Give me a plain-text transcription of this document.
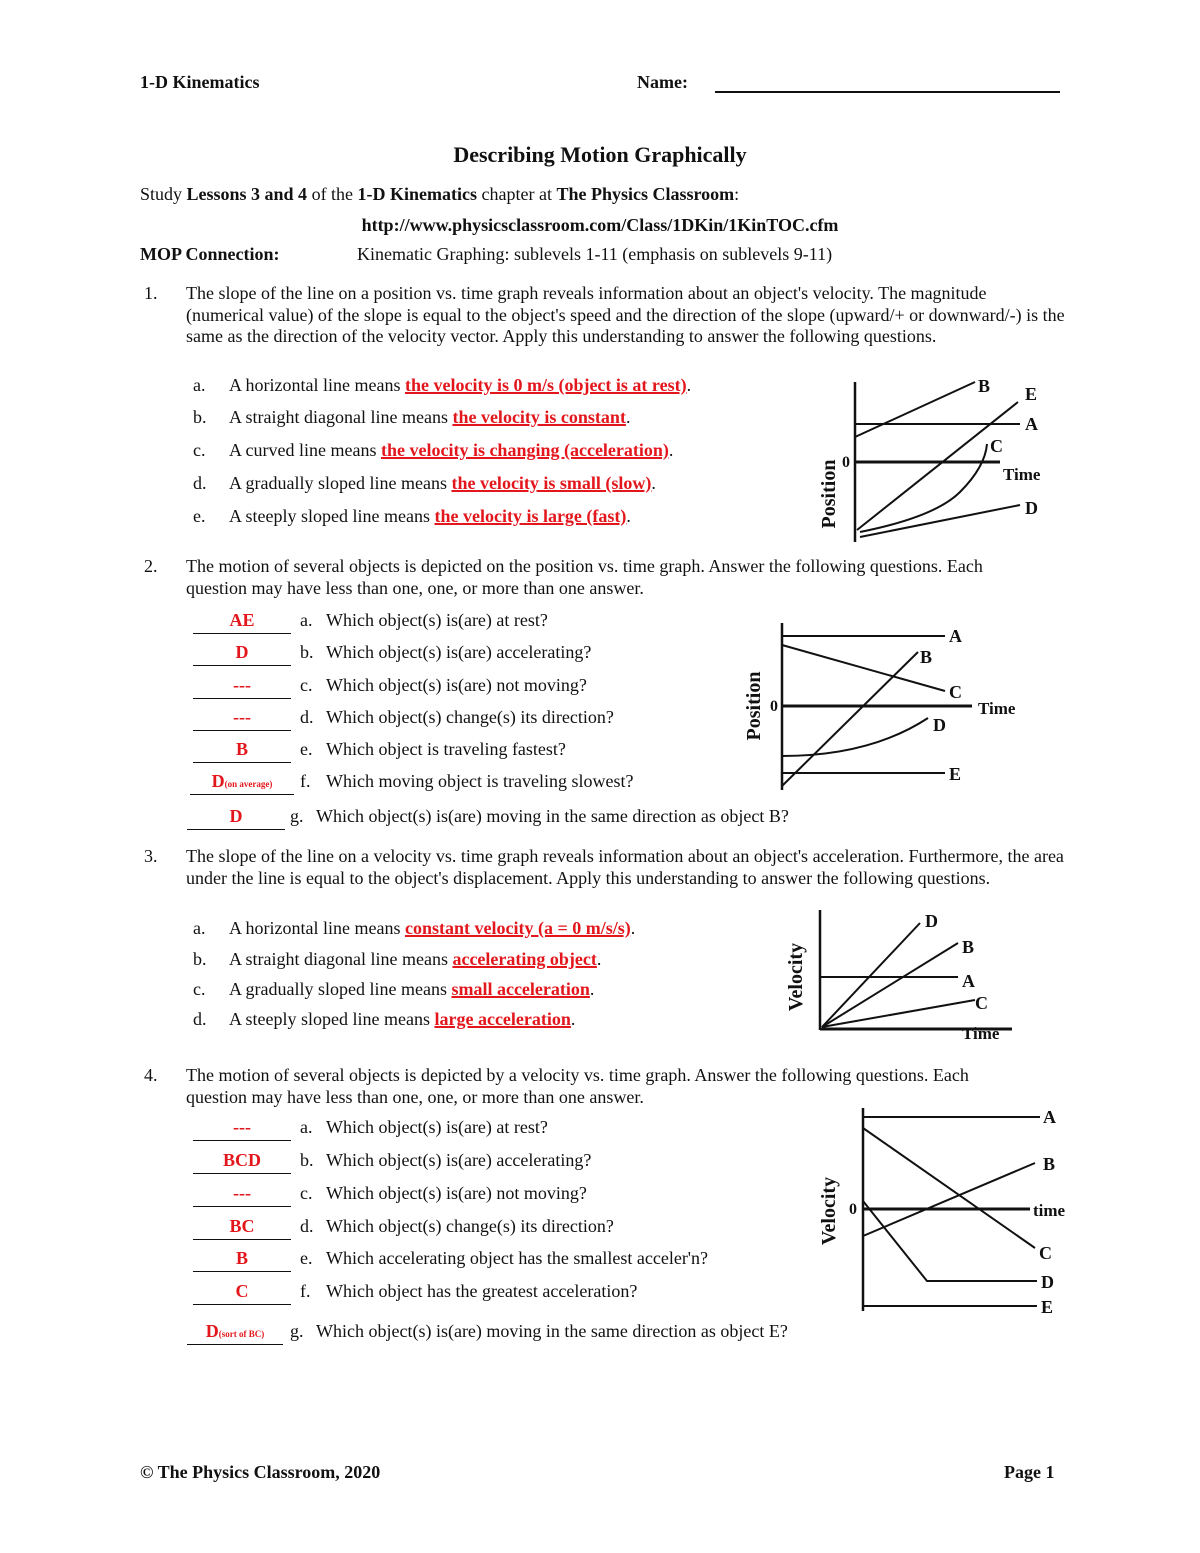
1-D Kinematics	Name:
Describing Motion Graphically
Study Lessons 3 and 4 of the 1-D Kinematics chapter at The Physics Classroom:
http://www.physicsclassroom.com/Class/1DKin/1KinTOC.cfm
MOP Connection:	Kinematic Graphing: sublevels 1-11 (emphasis on sublevels 9-11)
1. The slope of the line on a position vs. time graph reveals information about an object's velocity. The magnitude (numerical value) of the slope is equal to the object's speed and the direction of the slope (upward/+ or downward/-) is the same as the direction of the velocity vector. Apply this understanding to answer the following questions.
a. A horizontal line means the velocity is 0 m/s (object is at rest).
b. A straight diagonal line means the velocity is constant.
c. A curved line means the velocity is changing (acceleration).
d. A gradually sloped line means the velocity is small (slow).
e. A steeply sloped line means the velocity is large (fast).
0
Position	Time
B E
A
C
D
2. The motion of several objects is depicted on the position vs. time graph. Answer the following questions. Each question may have less than one, one, or more than one answer.
AE	a. Which object(s) is(are) at rest?
D	b. Which object(s) is(are) accelerating?
---	c. Which object(s) is(are) not moving?
---	d. Which object(s) change(s) its direction?
B	e. Which object is traveling fastest?
D(on average)	f. Which moving object is traveling slowest?
D	g. Which object(s) is(are) moving in the same direction as object B?
0
Position	Time
A
B
C
D
E
3. The slope of the line on a velocity vs. time graph reveals information about an object's acceleration. Furthermore, the area under the line is equal to the object's displacement. Apply this understanding to answer the following questions.
a. A horizontal line means constant velocity (a = 0 m/s/s).
b. A straight diagonal line means accelerating object.
c. A gradually sloped line means small acceleration.
d. A steeply sloped line means large acceleration.
Velocity
Time
D
B
A
C
4. The motion of several objects is depicted by a velocity vs. time graph. Answer the following questions. Each question may have less than one, one, or more than one answer.
---	a. Which object(s) is(are) at rest?
BCD	b. Which object(s) is(are) accelerating?
---	c. Which object(s) is(are) not moving?
BC	d. Which object(s) change(s) its direction?
B	e. Which accelerating object has the smallest acceler'n?
C	f. Which object has the greatest acceleration?
D(sort of BC)	g. Which object(s) is(are) moving in the same direction as object E?
0
Velocity	time
A
B
C
D
E
© The Physics Classroom, 2020	Page 1
